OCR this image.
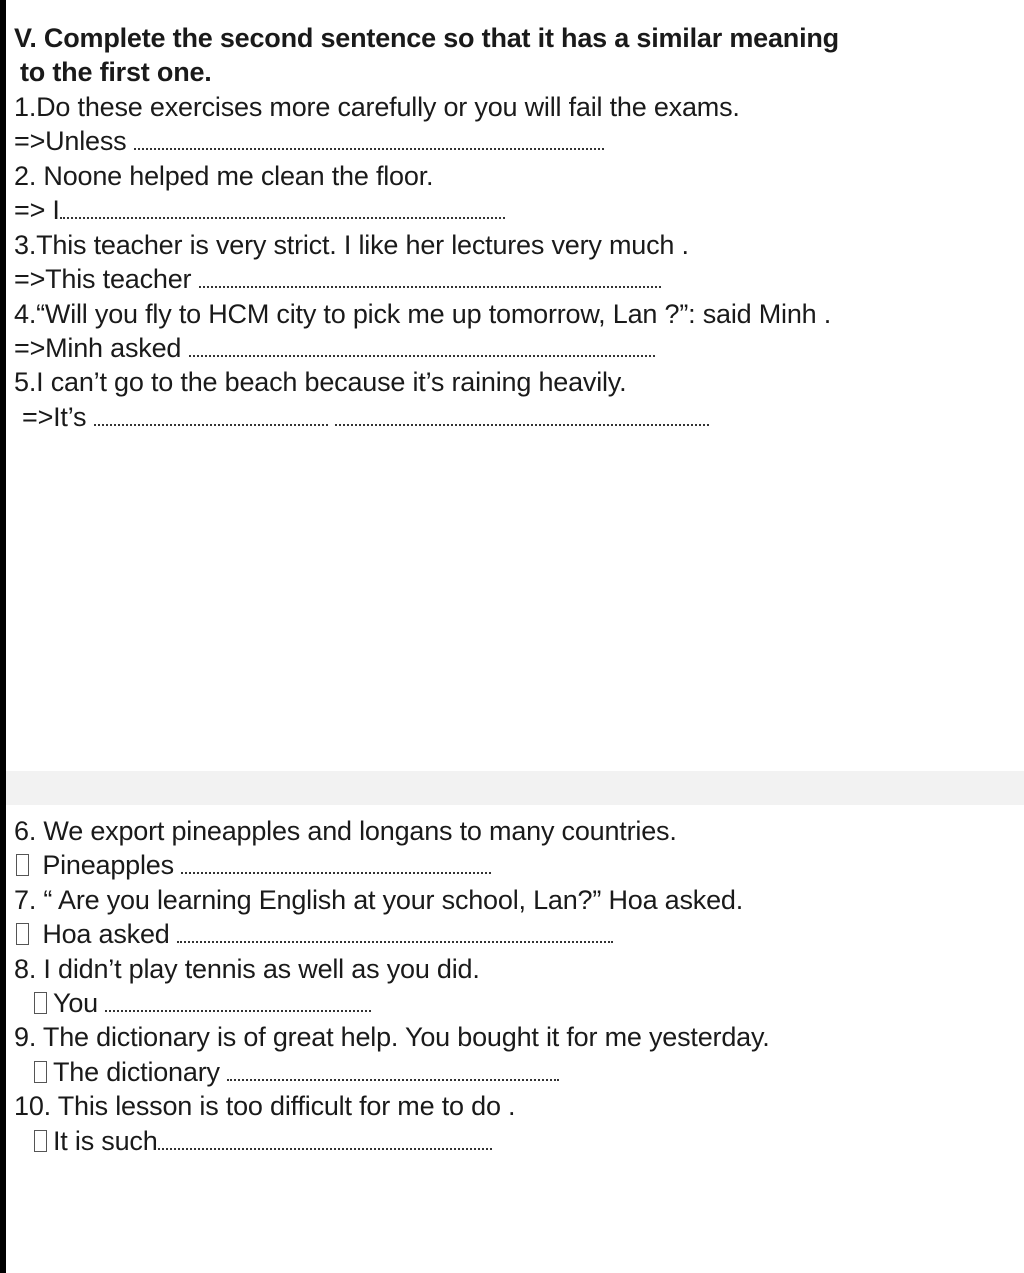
V. Complete the second sentence so that it has a similar meaning
to the first one.
1.Do these exercises more carefully or you will fail the exams.
=>Unless
2. Noone helped me clean the floor.
=> I
3.This teacher is very strict. I like her lectures very much .
=>This teacher
4.“Will you fly to HCM city to pick me up tomorrow, Lan ?”: said Minh .
=>Minh asked
5.I can’t go to the beach because it’s raining heavily.
=>It’s
6. We export pineapples and longans to many countries.
Pineapples
7. “ Are you learning English at your school, Lan?” Hoa asked.
Hoa asked
8. I didn’t play tennis as well as you did.
You
9. The dictionary is of great help. You bought it for me yesterday.
The dictionary
10. This lesson is too difficult for me to do .
It is such
